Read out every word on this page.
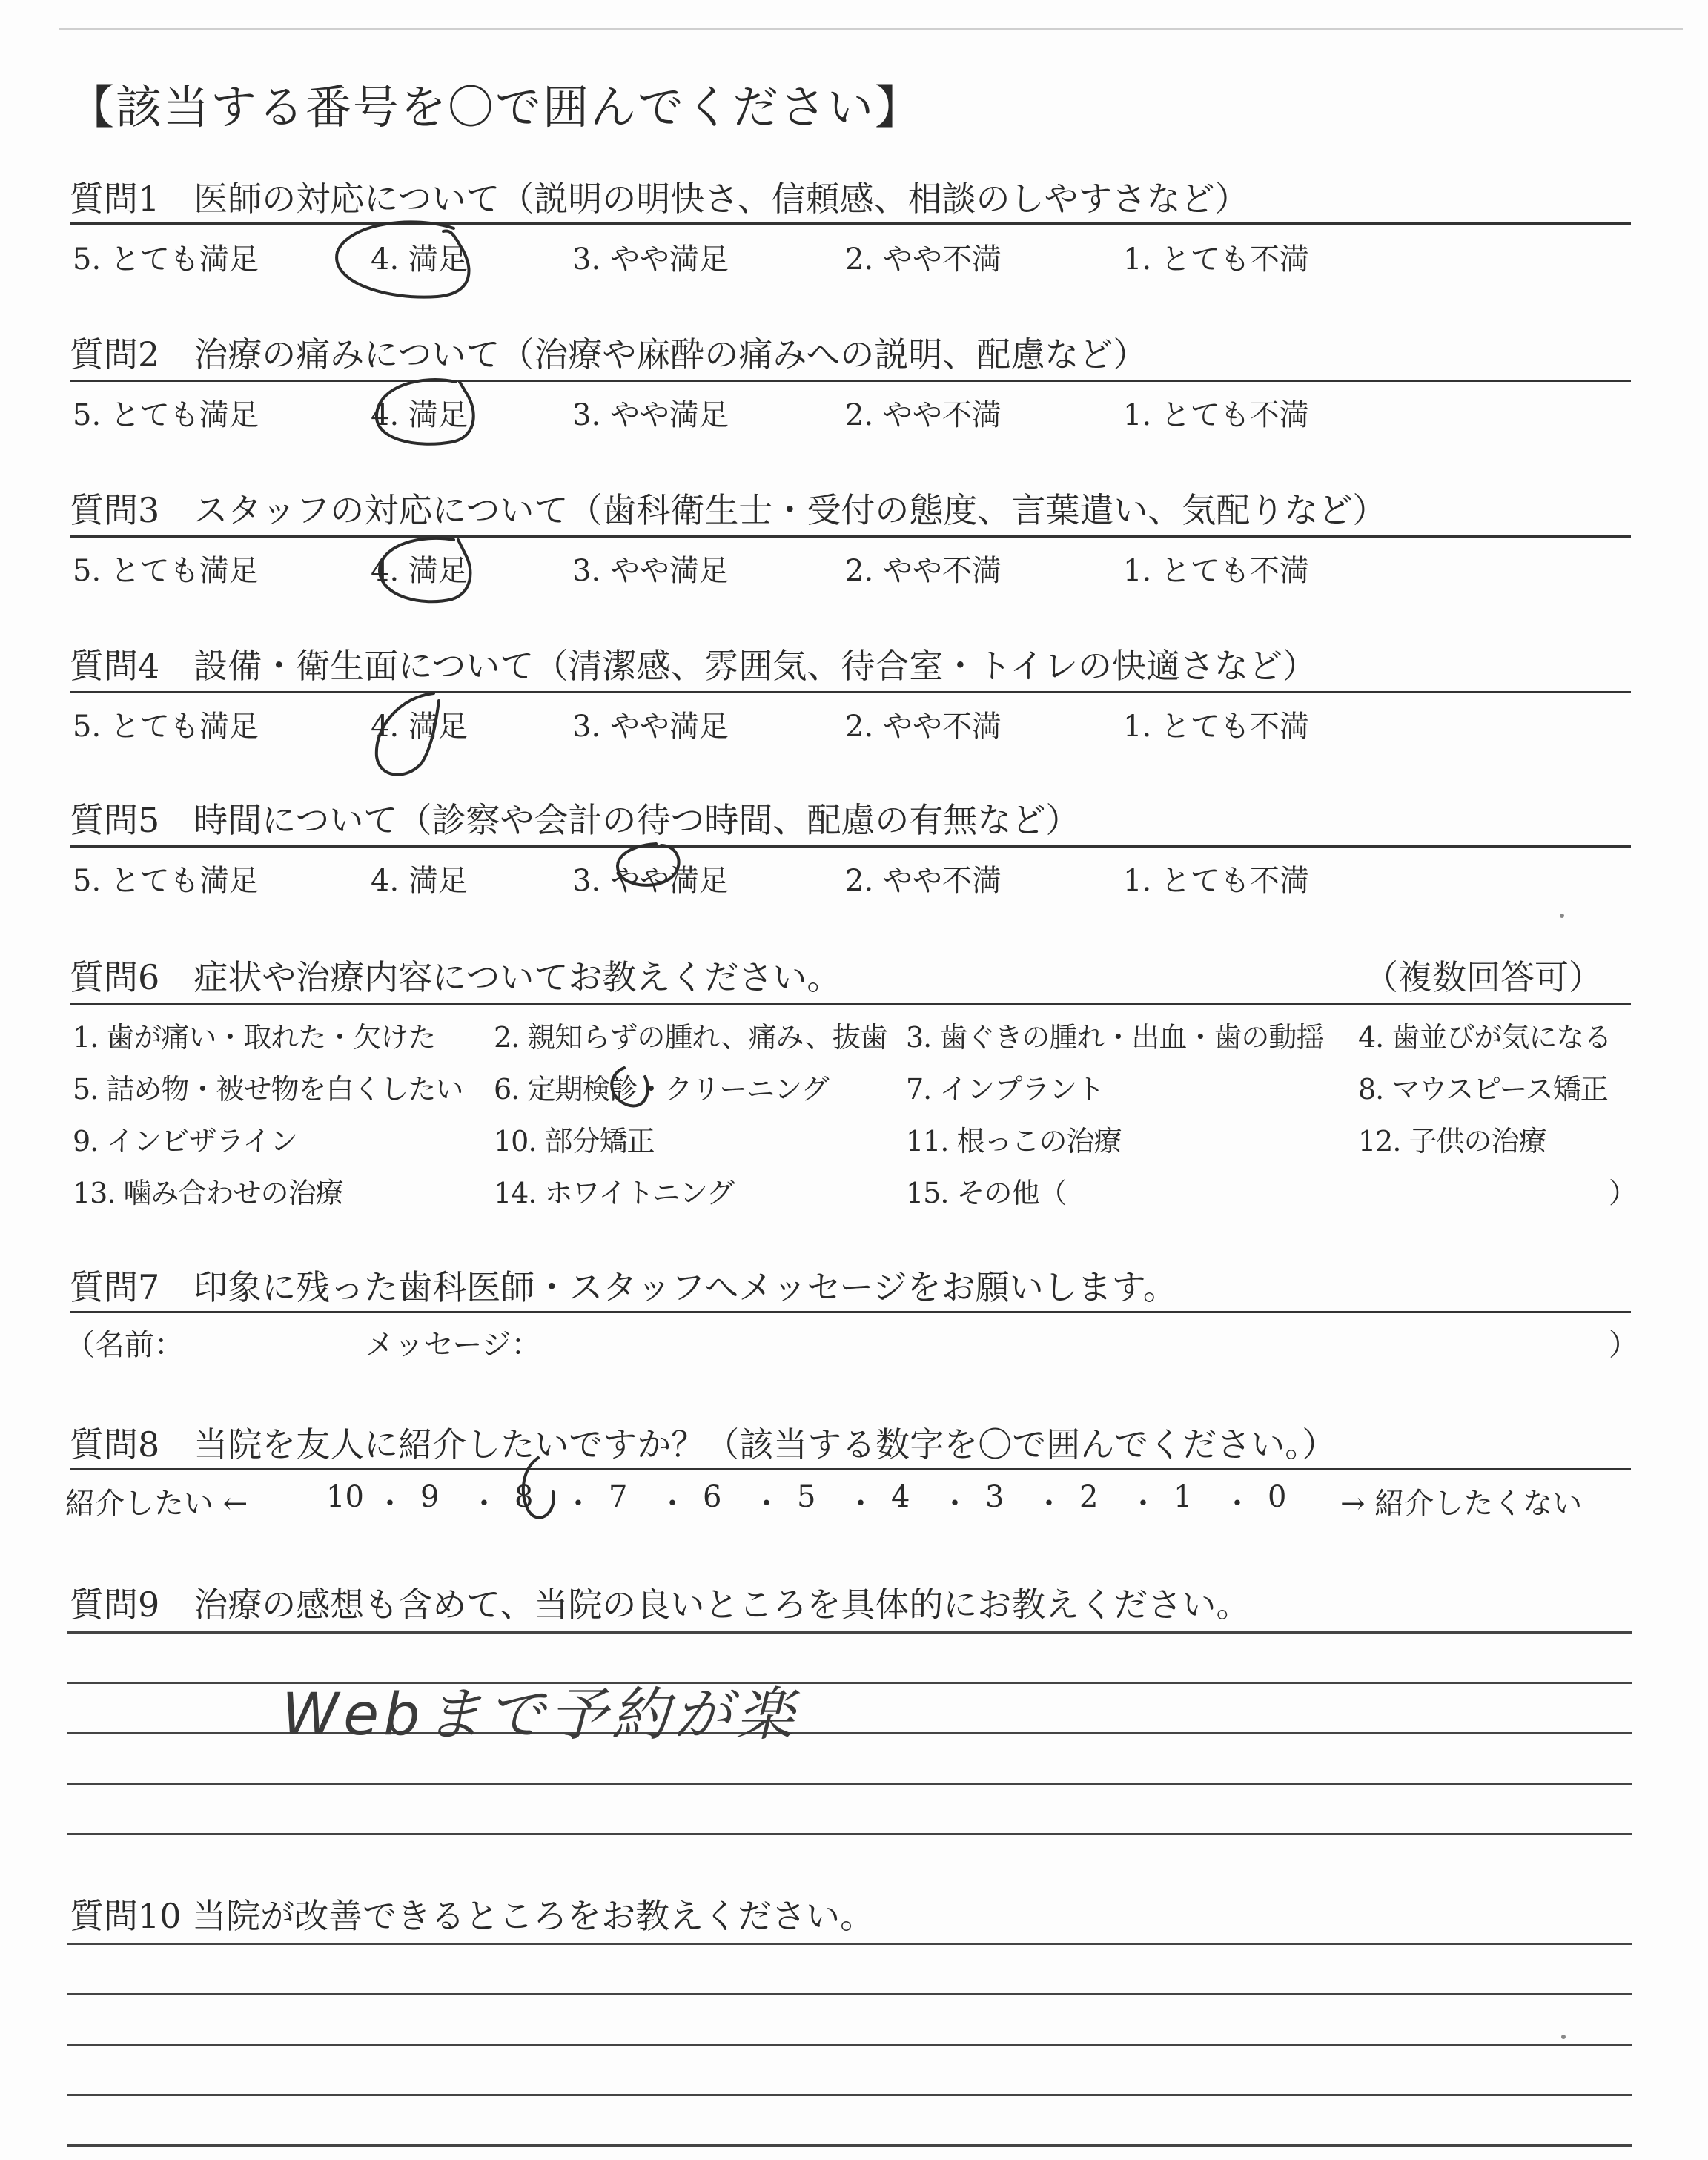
【該当する番号を〇で囲んでください】
質問1　医師の対応について（説明の明快さ、信頼感、相談のしやすさなど）
5. とても満足	4. 満足	3. やや満足	2. やや不満	1. とても不満
質問2　治療の痛みについて（治療や麻酔の痛みへの説明、配慮など）
5. とても満足	4. 満足	3. やや満足	2. やや不満	1. とても不満
質問3　スタッフの対応について（歯科衛生士・受付の態度、言葉遣い、気配りなど）
5. とても満足	4. 満足	3. やや満足	2. やや不満	1. とても不満
質問4　設備・衛生面について（清潔感、雰囲気、待合室・トイレの快適さなど）
5. とても満足	4. 満足	3. やや満足	2. やや不満	1. とても不満
質問5　時間について（診察や会計の待つ時間、配慮の有無など）
5. とても満足	4. 満足	3. やや満足	2. やや不満	1. とても不満
質問6　症状や治療内容についてお教えください。	（複数回答可）
1. 歯が痛い・取れた・欠けた 2. 親知らずの腫れ、痛み、抜歯 3. 歯ぐきの腫れ・出血・歯の動揺 4. 歯並びが気になる
5. 詰め物・被せ物を白くしたい 6. 定期検診・クリーニング	7. インプラント	8. マウスピース矯正
9. インビザライン	10. 部分矯正	11. 根っこの治療	12. 子供の治療
13. 噛み合わせの治療	14. ホワイトニング	15. その他（	）
質問7　印象に残った歯科医師・スタッフへメッセージをお願いします。
（名前：	メッセージ：	）
質問8　当院を友人に紹介したいですか？（該当する数字を〇で囲んでください。）
紹介したい ←	10 ・ 9 ・ 8 ・ 7 ・ 6 ・ 5 ・ 4 ・ 3 ・ 2 ・ 1 ・ 0 → 紹介したくない
質問9　治療の感想も含めて、当院の良いところを具体的にお教えください。
Webまで予約が楽
質問10 当院が改善できるところをお教えください。
